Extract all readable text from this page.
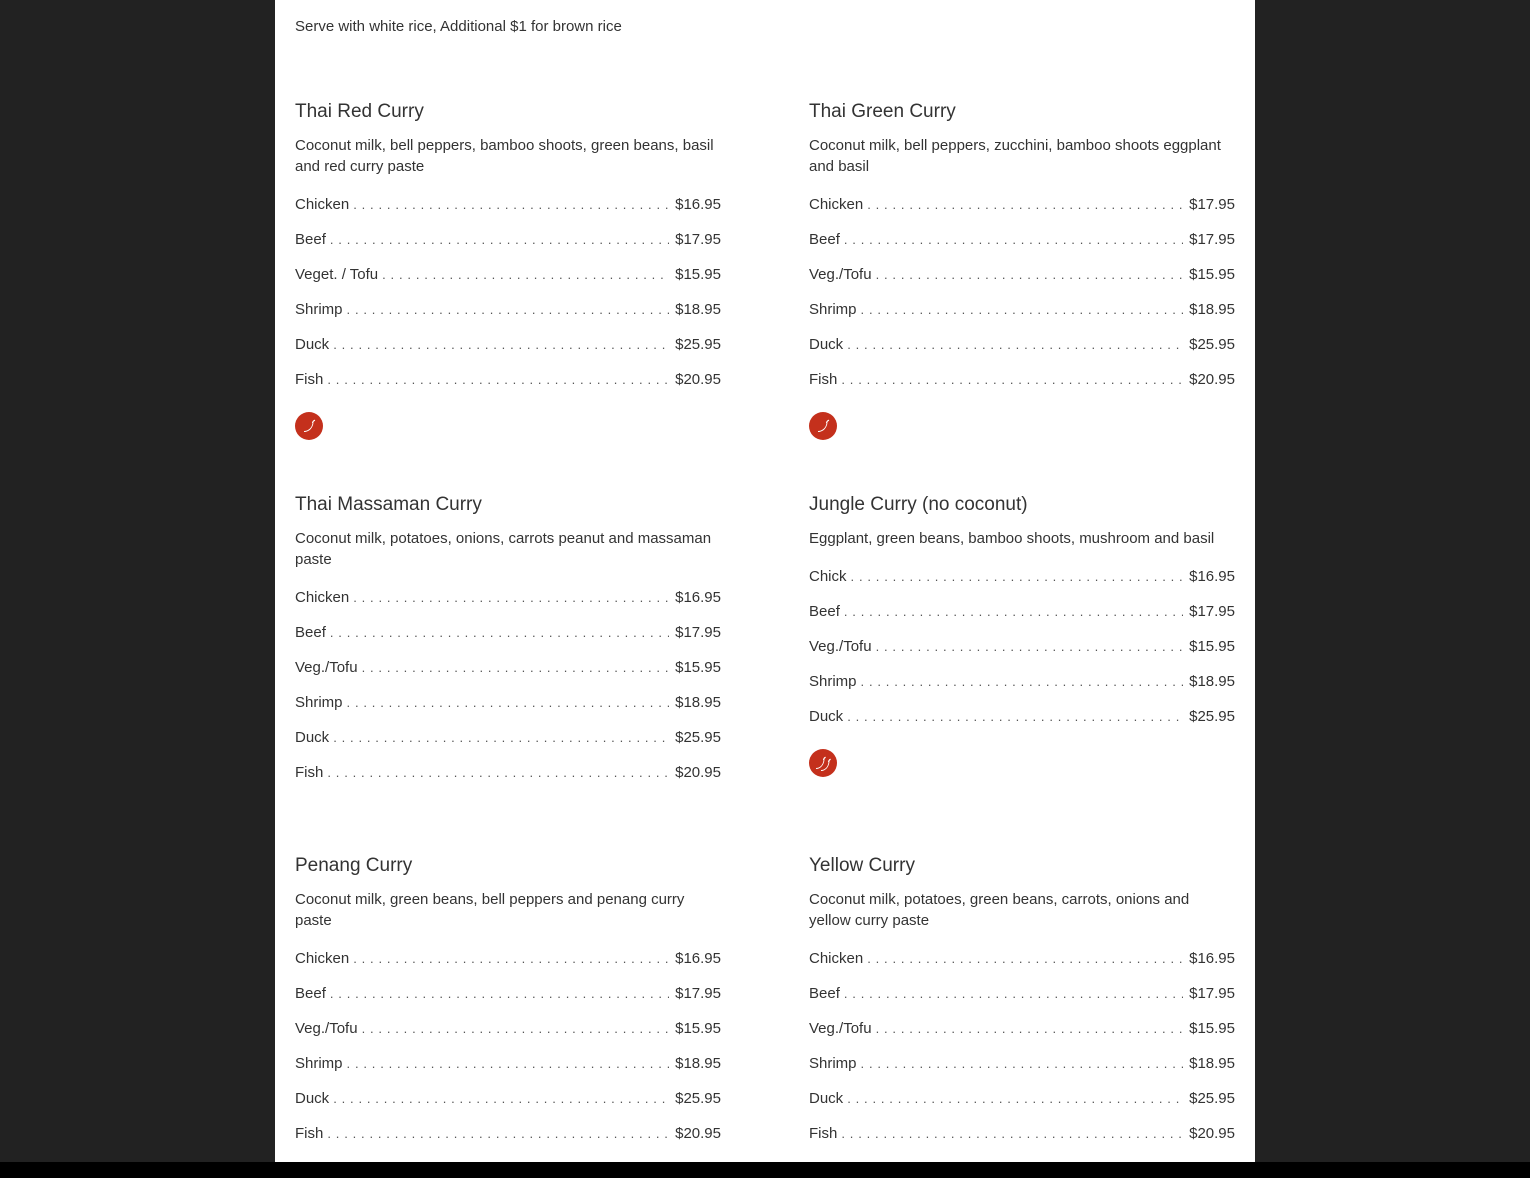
Serve with white rice, Additional $1 for brown rice
Thai Red Curry
Coconut milk, bell peppers, bamboo shoots, green beans, basil and red curry paste
Chicken . . .	$16.95
Beef . . .	$17.95
Veget. / Tofu . . .	$15.95
Shrimp . . .	$18.95
Duck . . .	$25.95
Fish . . .	$20.95
Thai Green Curry
Coconut milk, bell peppers, zucchini, bamboo shoots eggplant and basil
Chicken . . .	$17.95
Beef . . .	$17.95
Veg./Tofu . . .	$15.95
Shrimp . . .	$18.95
Duck . . .	$25.95
Fish . . .	$20.95
Thai Massaman Curry
Coconut milk, potatoes, onions, carrots peanut and massaman paste
Chicken . . .	$16.95
Beef . . .	$17.95
Veg./Tofu . . .	$15.95
Shrimp . . .	$18.95
Duck . . .	$25.95
Fish . . .	$20.95
Jungle Curry (no coconut)
Eggplant, green beans, bamboo shoots, mushroom and basil
Chick . . .	$16.95
Beef . . .	$17.95
Veg./Tofu . . .	$15.95
Shrimp . . .	$18.95
Duck . . .	$25.95
Penang Curry
Coconut milk, green beans, bell peppers and penang curry paste
Chicken . . .	$16.95
Beef . . .	$17.95
Veg./Tofu . . .	$15.95
Shrimp . . .	$18.95
Duck . . .	$25.95
Fish . . .	$20.95
Yellow Curry
Coconut milk, potatoes, green beans, carrots, onions and yellow curry paste
Chicken . . .	$16.95
Beef . . .	$17.95
Veg./Tofu . . .	$15.95
Shrimp . . .	$18.95
Duck . . .	$25.95
Fish . . .	$20.95
